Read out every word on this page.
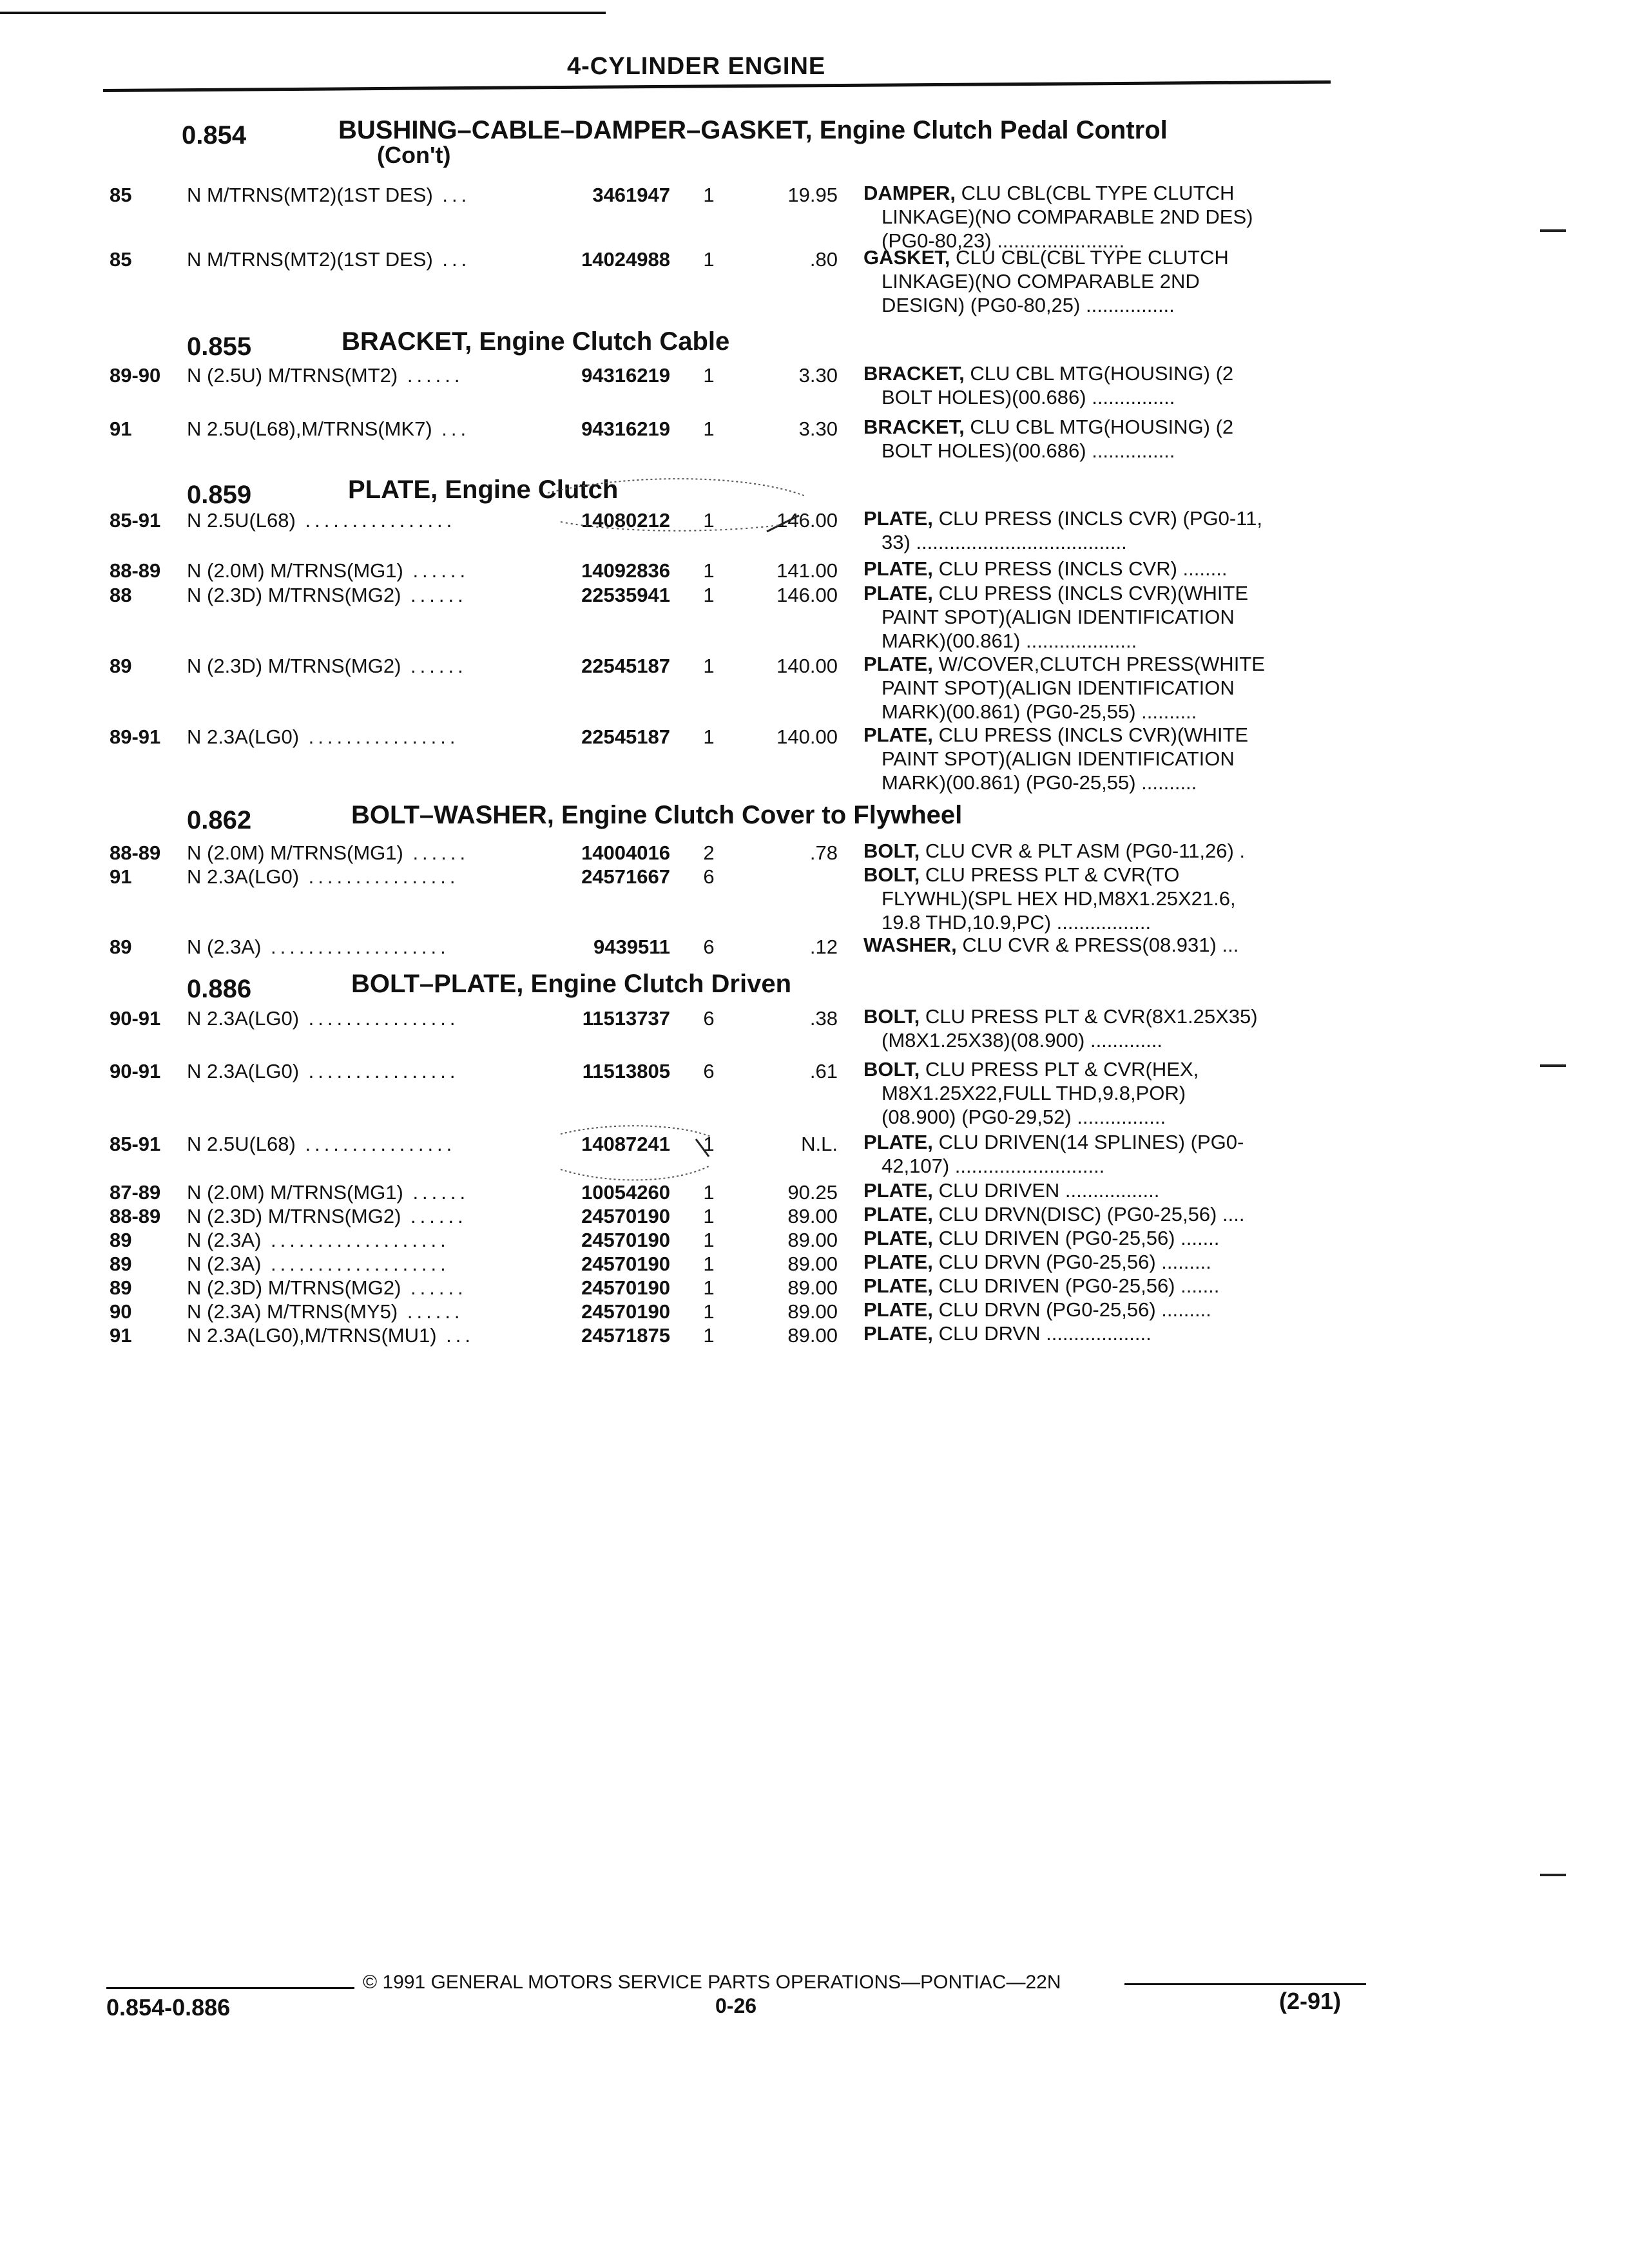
4-CYLINDER ENGINE
0.854	BUSHING–CABLE–DAMPER–GASKET, Engine Clutch Pedal Control
(Con't)
85	N M/TRNS(MT2)(1ST DES) ...	3461947	1	19.95 DAMPER, CLU CBL(CBL TYPE CLUTCH
LINKAGE)(NO COMPARABLE 2ND DES)
(PG0-80,23) .......................
85	N M/TRNS(MT2)(1ST DES) ...	14024988	1	.80 GASKET, CLU CBL(CBL TYPE CLUTCH
LINKAGE)(NO COMPARABLE 2ND
DESIGN) (PG0-80,25) ................
0.855	BRACKET, Engine Clutch Cable
89-90 N (2.5U) M/TRNS(MT2) ......	94316219	1	3.30 BRACKET, CLU CBL MTG(HOUSING) (2
BOLT HOLES)(00.686) ...............
91	N 2.5U(L68),M/TRNS(MK7) ...	94316219	1	3.30 BRACKET, CLU CBL MTG(HOUSING) (2
BOLT HOLES)(00.686) ...............
0.859	PLATE, Engine Clutch
85-91 N 2.5U(L68) ................	14080212	1	146.00 PLATE, CLU PRESS (INCLS CVR) (PG0-11,
33) ......................................
88-89 N (2.0M) M/TRNS(MG1) ......	14092836	1	141.00 PLATE, CLU PRESS (INCLS CVR) ........
88	N (2.3D) M/TRNS(MG2) ......	22535941	1	146.00 PLATE, CLU PRESS (INCLS CVR)(WHITE
PAINT SPOT)(ALIGN IDENTIFICATION
MARK)(00.861) ....................
89	N (2.3D) M/TRNS(MG2) ......	22545187	1	140.00 PLATE, W/COVER,CLUTCH PRESS(WHITE
PAINT SPOT)(ALIGN IDENTIFICATION
MARK)(00.861) (PG0-25,55) ..........
89-91 N 2.3A(LG0) ................	22545187	1	140.00 PLATE, CLU PRESS (INCLS CVR)(WHITE
PAINT SPOT)(ALIGN IDENTIFICATION
MARK)(00.861) (PG0-25,55) ..........
0.862	BOLT–WASHER, Engine Clutch Cover to Flywheel
88-89 N (2.0M) M/TRNS(MG1) ......	14004016	2	.78 BOLT, CLU CVR & PLT ASM (PG0-11,26) .
91	N 2.3A(LG0) ................	24571667	6	BOLT, CLU PRESS PLT & CVR(TO
FLYWHL)(SPL HEX HD,M8X1.25X21.6,
19.8 THD,10.9,PC) .................
89	N (2.3A) ...................	9439511	6	.12 WASHER, CLU CVR & PRESS(08.931) ...
0.886	BOLT–PLATE, Engine Clutch Driven
90-91 N 2.3A(LG0) ................	11513737	6	.38 BOLT, CLU PRESS PLT & CVR(8X1.25X35)
(M8X1.25X38)(08.900) .............
90-91 N 2.3A(LG0) ................	11513805	6	.61 BOLT, CLU PRESS PLT & CVR(HEX,
M8X1.25X22,FULL THD,9.8,POR)
(08.900) (PG0-29,52) ................
85-91 N 2.5U(L68) ................	14087241	1	N.L. PLATE, CLU DRIVEN(14 SPLINES) (PG0-
42,107) ...........................
87-89 N (2.0M) M/TRNS(MG1) ......	10054260	1	90.25 PLATE, CLU DRIVEN .................
88-89 N (2.3D) M/TRNS(MG2) ......	24570190	1	89.00 PLATE, CLU DRVN(DISC) (PG0-25,56) ....
89	N (2.3A) ...................	24570190	1	89.00 PLATE, CLU DRIVEN (PG0-25,56) .......
89	N (2.3A) ...................	24570190	1	89.00 PLATE, CLU DRVN (PG0-25,56) .........
89	N (2.3D) M/TRNS(MG2) ......	24570190	1	89.00 PLATE, CLU DRIVEN (PG0-25,56) .......
90	N (2.3A) M/TRNS(MY5) ......	24570190	1	89.00 PLATE, CLU DRVN (PG0-25,56) .........
91	N 2.3A(LG0),M/TRNS(MU1) ...	24571875	1	89.00 PLATE, CLU DRVN ...................
© 1991 GENERAL MOTORS SERVICE PARTS OPERATIONS—PONTIAC—22N
0.854-0.886	0-26	(2-91)
